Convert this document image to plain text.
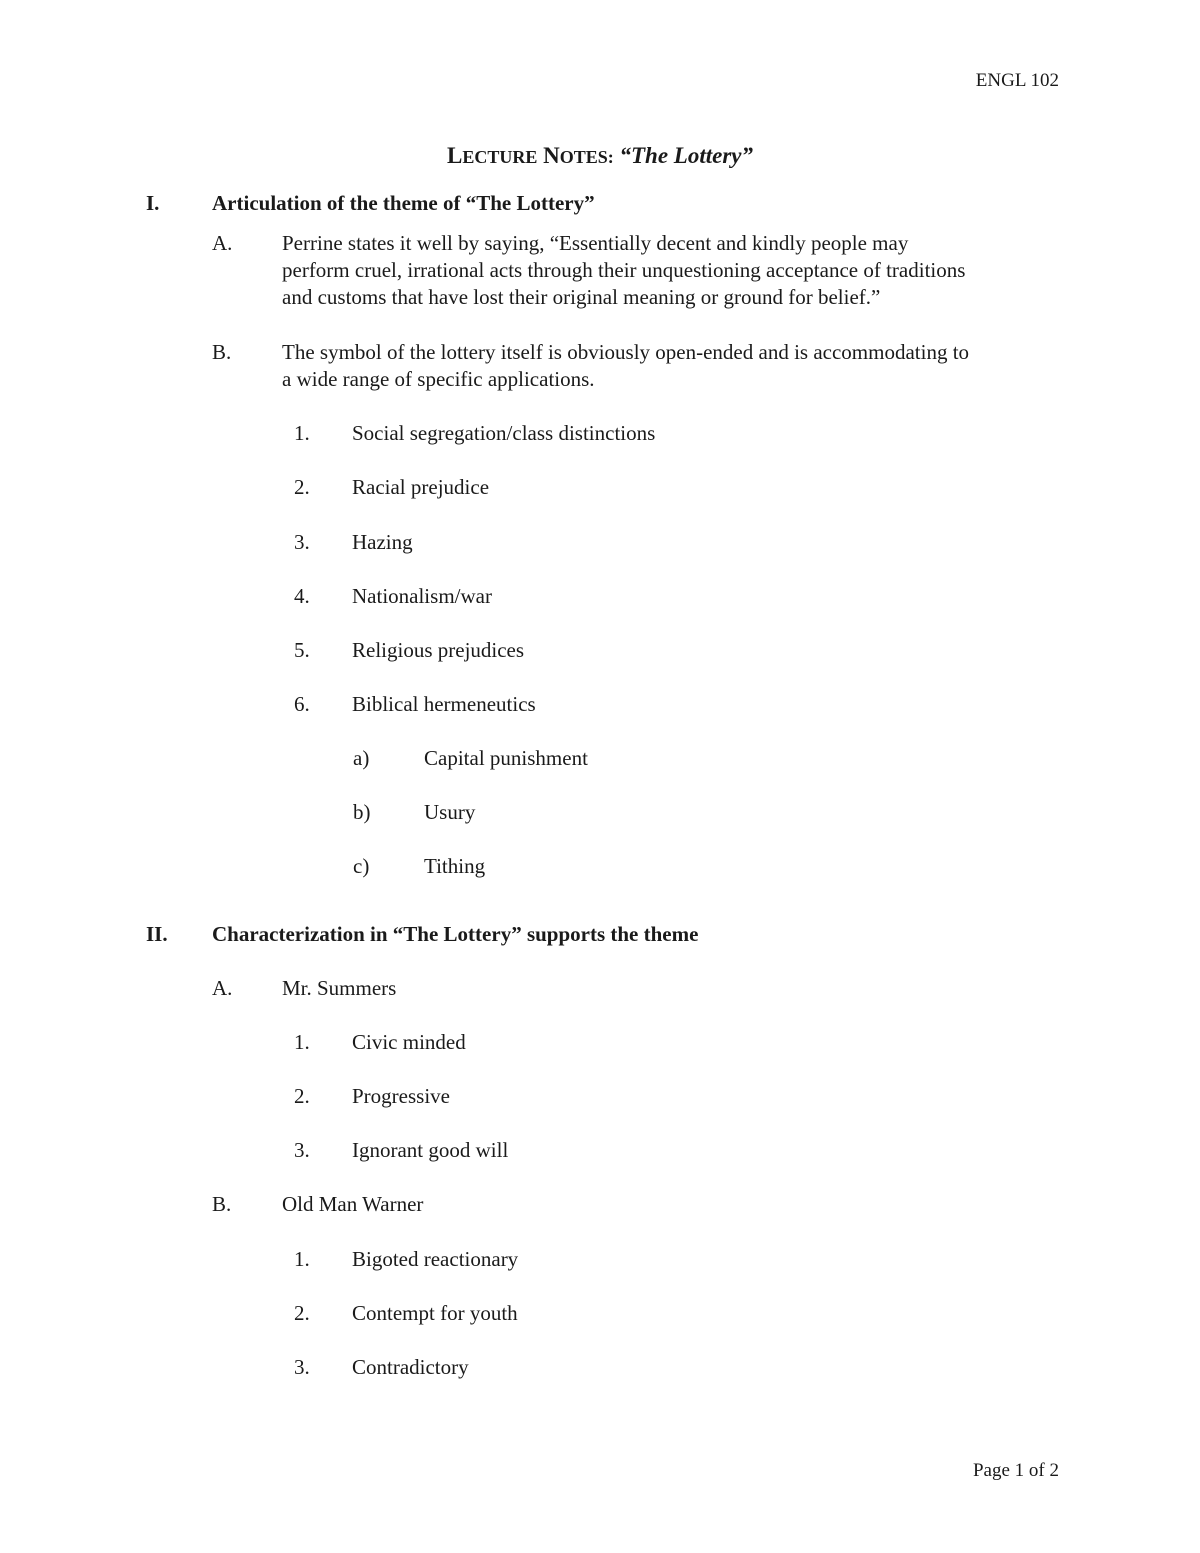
ENGL 102
LECTURE NOTES: “The Lottery”
I.	Articulation of the theme of “The Lottery”
A. Perrine states it well by saying, “Essentially decent and kindly people may
perform cruel, irrational acts through their unquestioning acceptance of traditions
and customs that have lost their original meaning or ground for belief.”
B. The symbol of the lottery itself is obviously open-ended and is accommodating to
a wide range of specific applications.
1. Social segregation/class distinctions
2. Racial prejudice
3. Hazing
4. Nationalism/war
5. Religious prejudices
6. Biblical hermeneutics
a)	Capital punishment
b)	Usury
c)	Tithing
II. Characterization in “The Lottery” supports the theme
A. Mr. Summers
1. Civic minded
2. Progressive
3. Ignorant good will
B. Old Man Warner
1. Bigoted reactionary
2. Contempt for youth
3. Contradictory
Page 1 of 2
